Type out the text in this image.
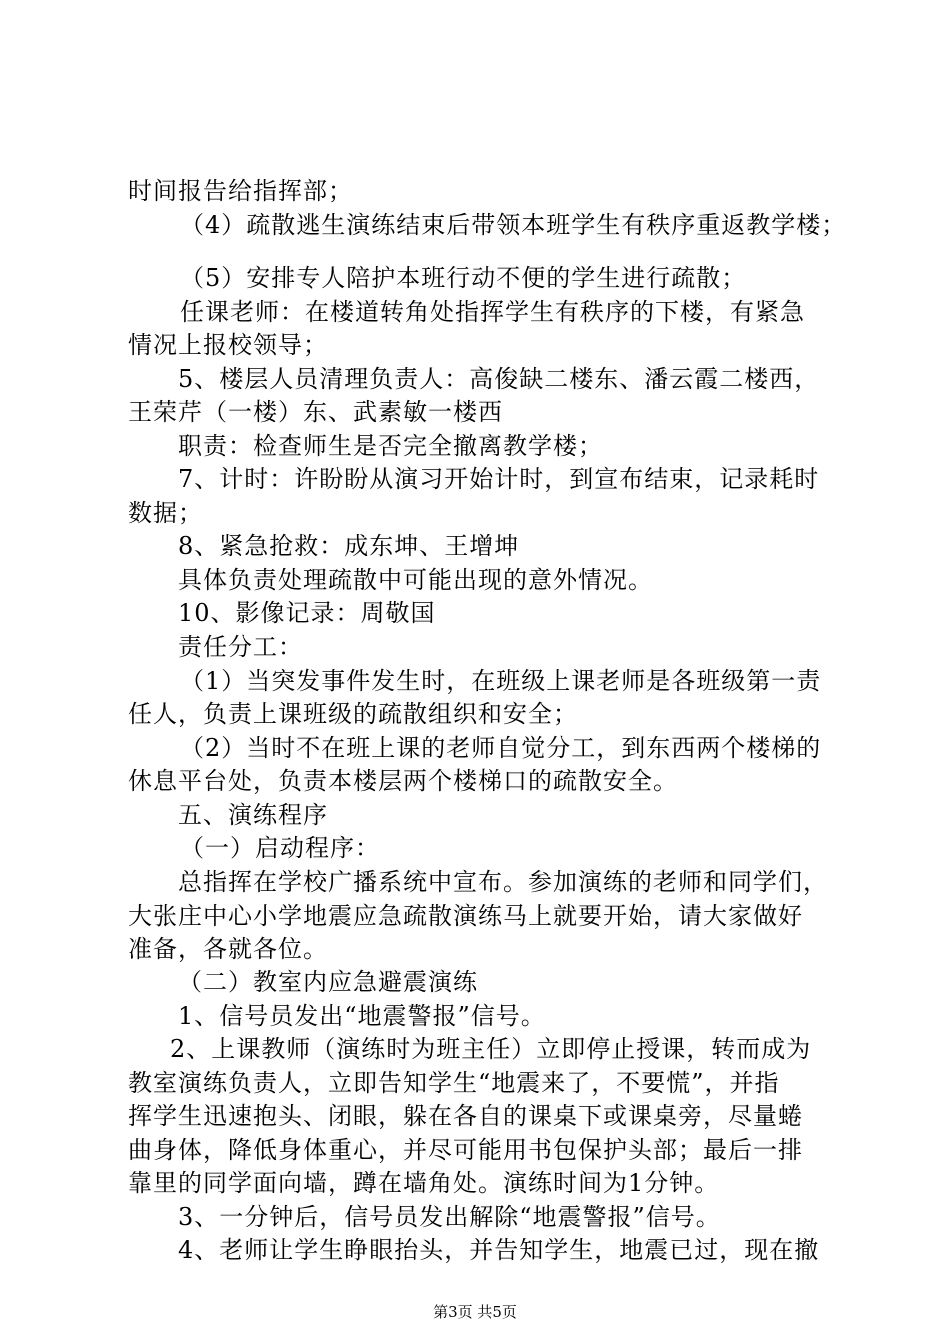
时间报告给指挥部；
（4）疏散逃生演练结束后带领本班学生有秩序重返教学楼；
（5）安排专人陪护本班行动不便的学生进行疏散；
任课老师：在楼道转角处指挥学生有秩序的下楼，有紧急
情况上报校领导；
5、楼层人员清理负责人：高俊缺二楼东、潘云霞二楼西，
王荣芹（一楼）东、武素敏一楼西
职责：检查师生是否完全撤离教学楼；
7、计时：许盼盼从演习开始计时，到宣布结束，记录耗时
数据；
8、紧急抢救：成东坤、王增坤
具体负责处理疏散中可能出现的意外情况。
10、影像记录：周敬国
责任分工：
（1）当突发事件发生时，在班级上课老师是各班级第一责
任人，负责上课班级的疏散组织和安全；
（2）当时不在班上课的老师自觉分工，到东西两个楼梯的
休息平台处，负责本楼层两个楼梯口的疏散安全。
五、演练程序
（一）启动程序：
总指挥在学校广播系统中宣布。参加演练的老师和同学们，
大张庄中心小学地震应急疏散演练马上就要开始，请大家做好
准备，各就各位。
（二）教室内应急避震演练
1、信号员发出“地震警报”信号。
2、上课教师（演练时为班主任）立即停止授课，转而成为
教室演练负责人，立即告知学生“地震来了，不要慌”，并指
挥学生迅速抱头、闭眼，躲在各自的课桌下或课桌旁，尽量蜷
曲身体，降低身体重心，并尽可能用书包保护头部；最后一排
靠里的同学面向墙，蹲在墙角处。演练时间为1分钟。
3、一分钟后，信号员发出解除“地震警报”信号。
4、老师让学生睁眼抬头，并告知学生，地震已过，现在撤
第3页 共5页
